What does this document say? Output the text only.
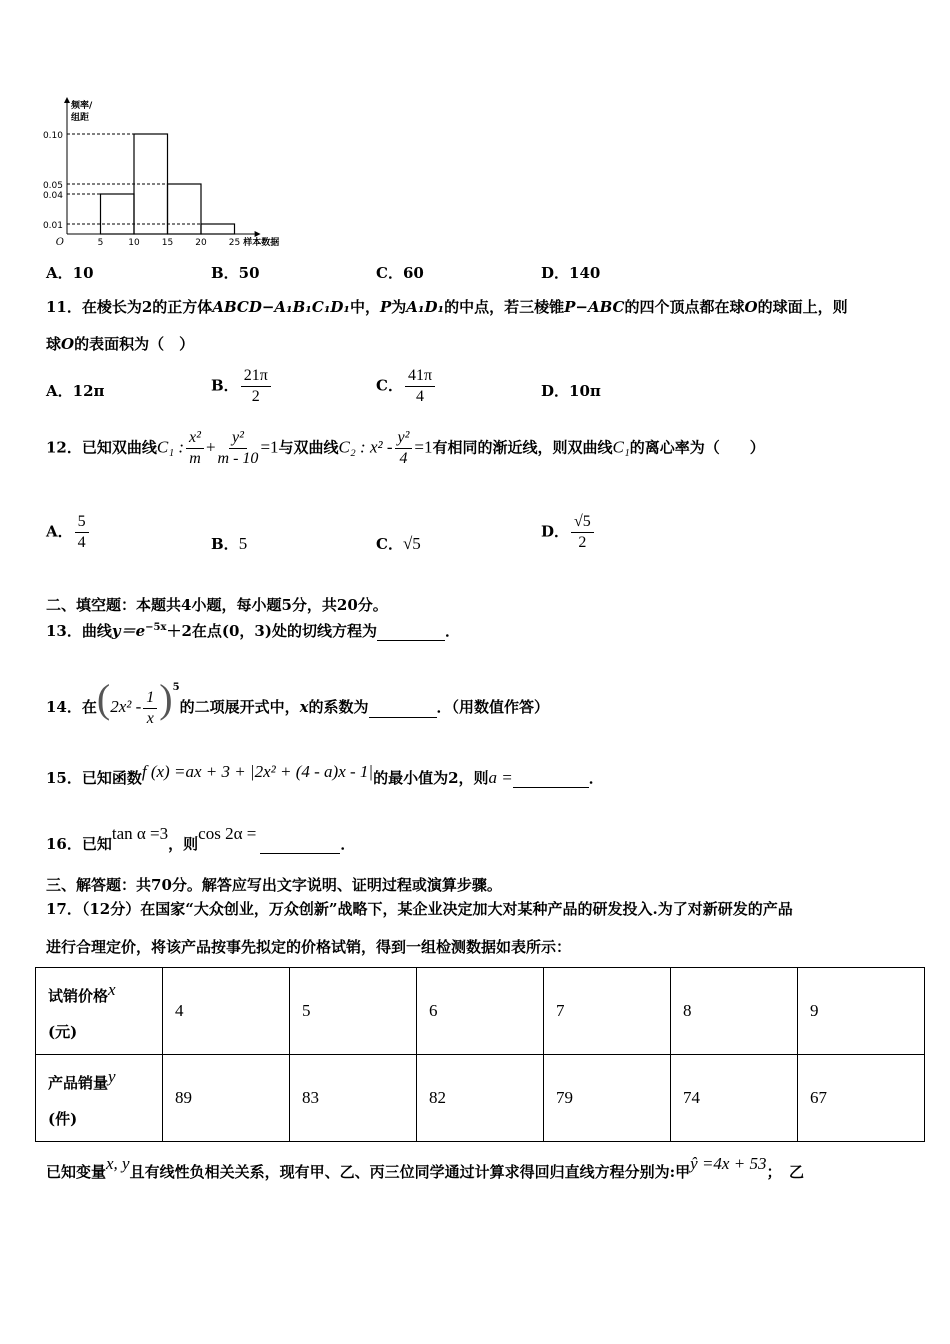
0.10
0.05
0.04
0.01
5	10 15 20 25
O	样本数据
频率/组距
A．10	B．50	C．60	D．140
11．在棱长为2的正方体ABCD−A₁B₁C₁D₁中，P为A₁D₁的中点，若三棱锥P−ABC的四个顶点都在球O的球面上，则
球O的表面积为（　）
A．12π	B． $\frac{21\pi}{2}$	C． $\frac{41\pi}{4}$	D．10π
12．已知双曲线C₁ : $\frac{\text{x²}}{m} + \frac{\text{y²}}{m - 10} =1$与双曲线C₂ : $x^2 - \frac{\text{y²}}{4} =1$有相同的渐近线，则双曲线C₁的离心率为（　　）
A． $\frac{5}{4}$	B．5	C．√5
D． $\frac{√5}{2}$
二、填空题：本题共4小题，每小题5分，共20分。
13．曲线$y=e^{-5x}+2$在点(0，3)处的切线方程为	．
14．在$(2x^2 - \frac{1}{x} )^5$的二项展开式中，x的系数为	．（用数值作答）
15．已知函数f (x) =ax + 3 + |2x² + (4 - a)x - 1|的最小值为2，则a =	．
16．已知tan α =3，则cos 2α = ．
三、解答题：共70分。解答应写出文字说明、证明过程或演算步骤。
17．（12分）在国家“大众创业，万众创新”战略下，某企业决定加大对某种产品的研发投入.为了对新研发的产品
进行合理定价，将该产品按事先拟定的价格试销，得到一组检测数据如表所示：
试销价格x
(元)	4	5	6	7	8	9
产品销量y
(件)	89	83	82	79	74	67
已知变量x, y且有线性负相关关系，现有甲、乙、丙三位同学通过计算求得回归直线方程分别为:甲ŷ =4x + 53；　乙
